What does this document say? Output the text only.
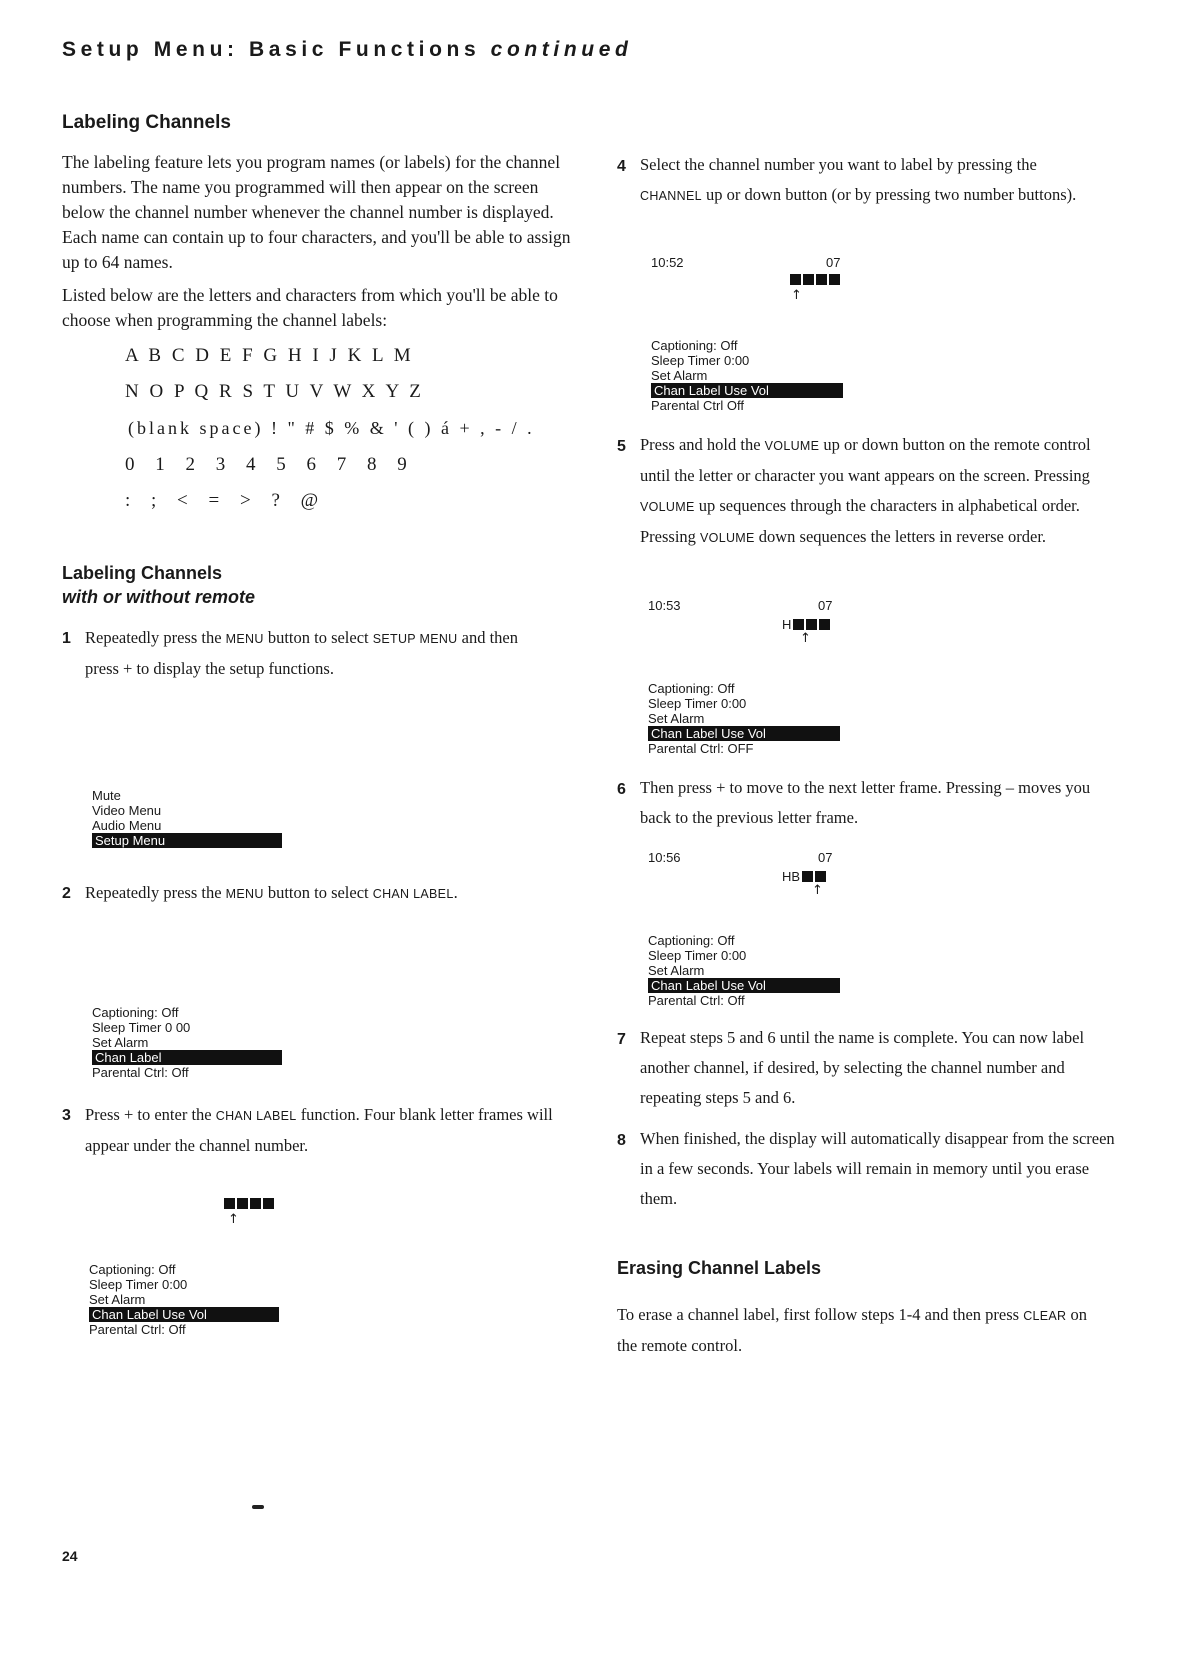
Setup Menu: Basic Functions continued
Labeling Channels
The labeling feature lets you program names (or labels) for the channel numbers. The name you programmed will then appear on the screen below the channel number whenever the channel number is displayed. Each name can contain up to four characters, and you'll be able to assign up to 64 names.
Listed below are the letters and characters from which you'll be able to choose when programming the channel labels:
A B C D E F G H I J K L M
N O P Q R S T U V W X Y Z
(blank space) ! " # $ % & ' ( ) á + , - / .
0 1 2 3 4 5 6 7 8 9
: ; < = > ? @
Labeling Channels
with or without remote
1 Repeatedly press the MENU button to select SETUP MENU and then press + to display the setup functions.
Mute
Video Menu
Audio Menu
Setup Menu
2 Repeatedly press the MENU button to select CHAN LABEL.
Captioning: Off
Sleep Timer 0 00
Set Alarm
Chan Label
Parental Ctrl: Off
3 Press + to enter the CHAN LABEL function. Four blank letter frames will appear under the channel number.
↑
Captioning: Off
Sleep Timer 0:00
Set Alarm
Chan Label Use Vol
Parental Ctrl: Off
24
4 Select the channel number you want to label by pressing the CHANNEL up or down button (or by pressing two number buttons).
10:52	07
↑
Captioning: Off
Sleep Timer 0:00
Set Alarm
Chan Label Use Vol
Parental Ctrl Off
5 Press and hold the VOLUME up or down button on the remote control until the letter or character you want appears on the screen. Pressing VOLUME up sequences through the characters in alphabetical order. Pressing VOLUME down sequences the letters in reverse order.
10:53	07
H
↑
Captioning: Off
Sleep Timer 0:00
Set Alarm
Chan Label Use Vol
Parental Ctrl: OFF
6 Then press + to move to the next letter frame. Pressing – moves you back to the previous letter frame.
10:56	07
HB
↑
Captioning: Off
Sleep Timer 0:00
Set Alarm
Chan Label Use Vol
Parental Ctrl: Off
7 Repeat steps 5 and 6 until the name is complete. You can now label another channel, if desired, by selecting the channel number and repeating steps 5 and 6.
8 When finished, the display will automatically disappear from the screen in a few seconds. Your labels will remain in memory until you erase them.
Erasing Channel Labels
To erase a channel label, first follow steps 1-4 and then press CLEAR on the remote control.
